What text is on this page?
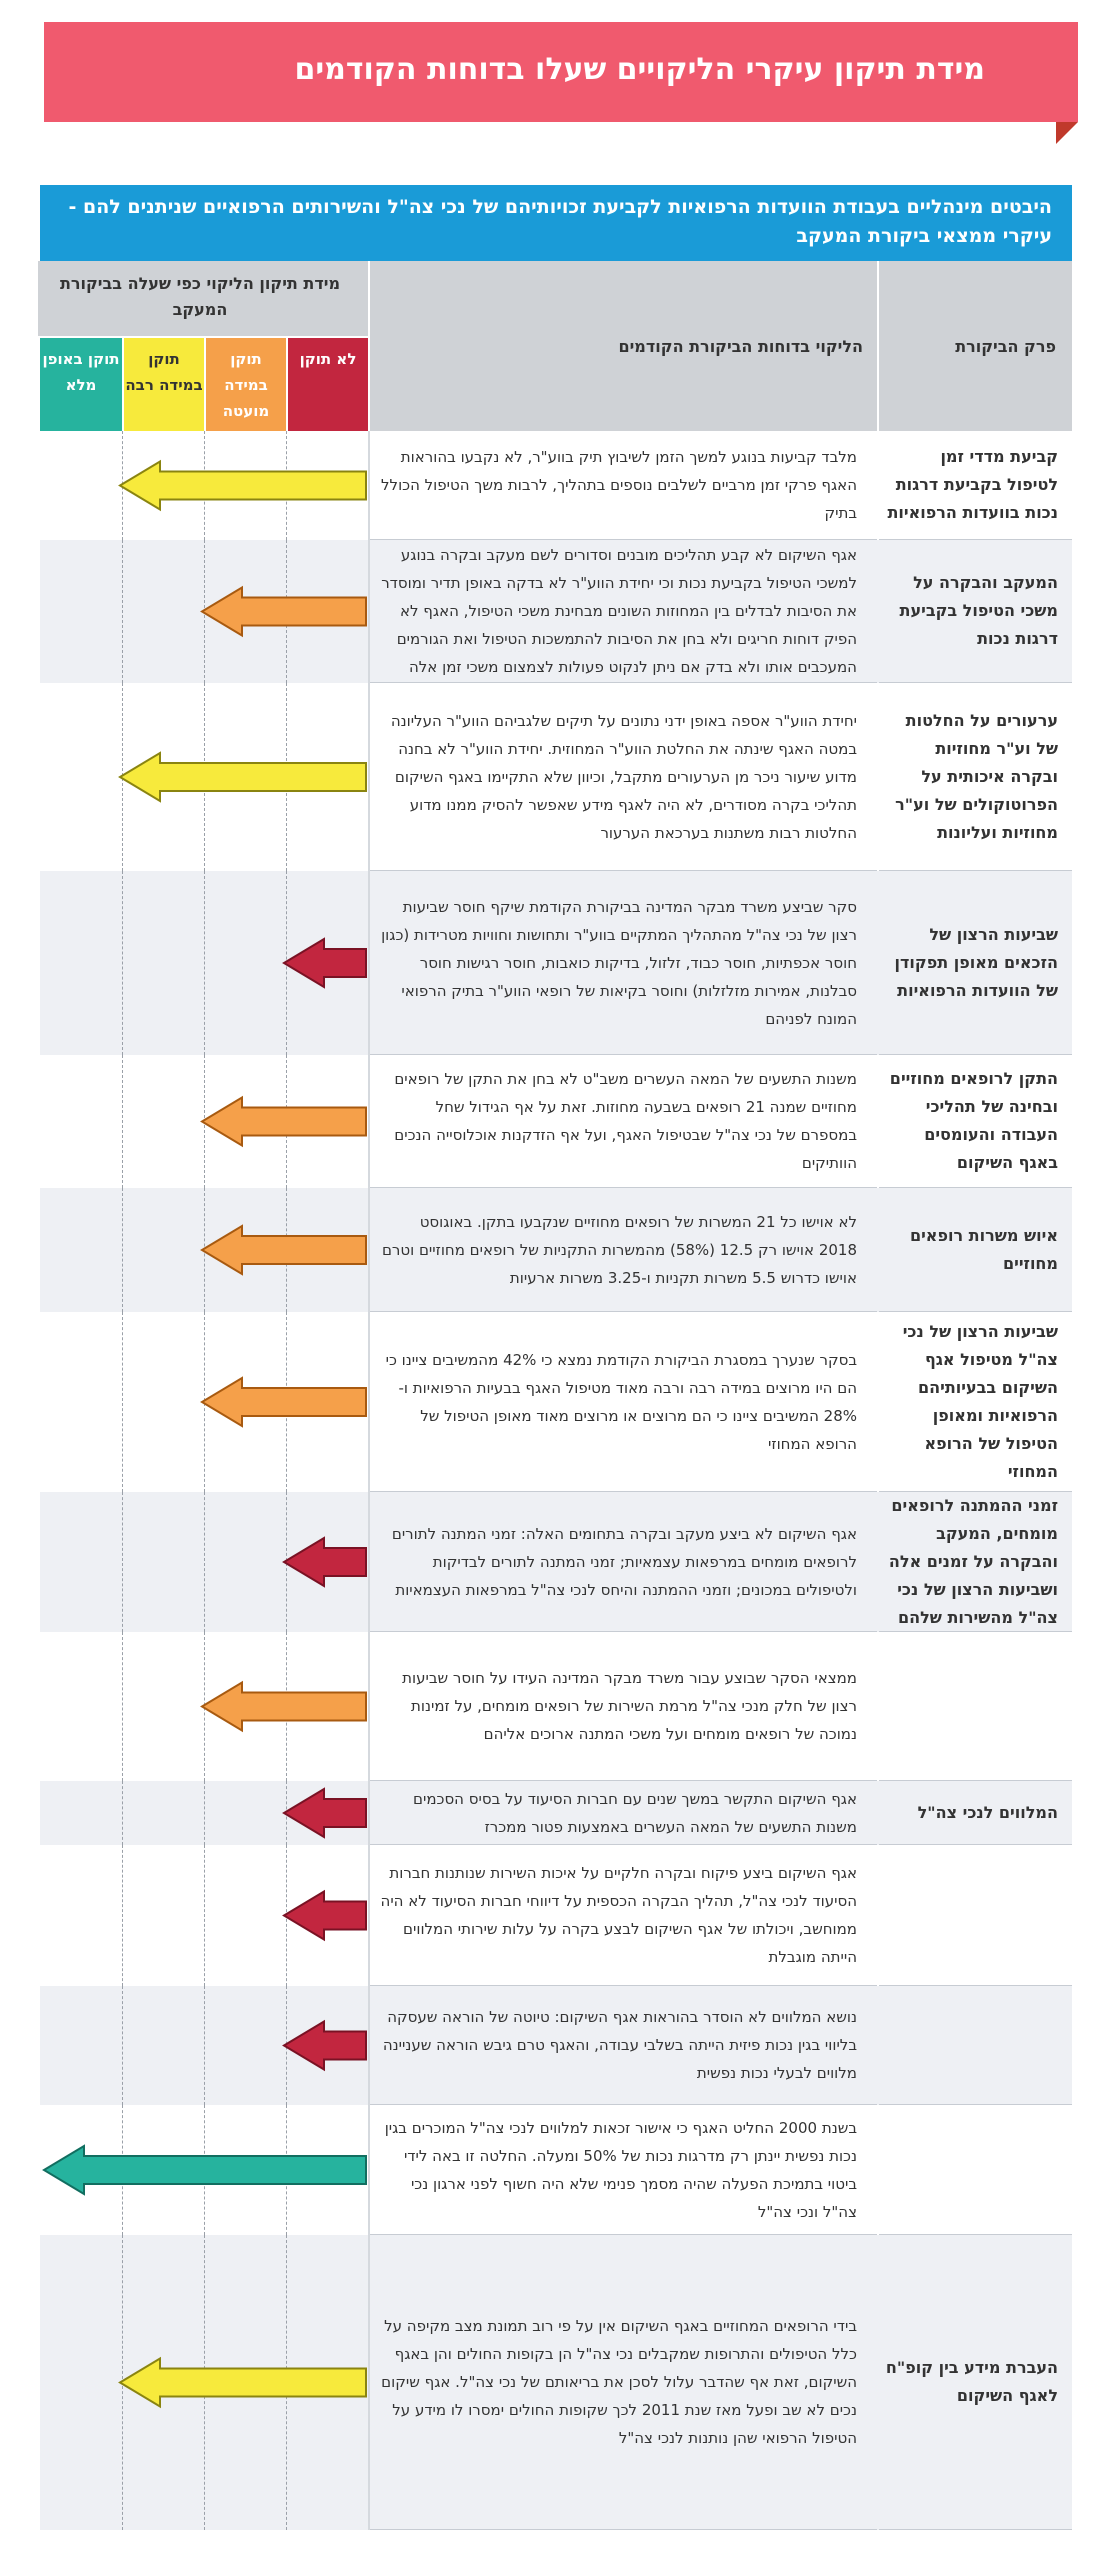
מידת תיקון עיקרי הליקויים שעלו בדוחות הקודמים
היבטים מינהליים בעבודת הוועדות הרפואיות לקביעת זכויותיהם של נכי צה"ל והשירותים הרפואיים שניתנים להם - עיקרי ממצאי ביקורת המעקב
פרק הביקורת
הליקוי בדוחות הביקורת הקודמים
מידת תיקון הליקוי כפי שעלה בביקורת המעקב
לא תוקן
תוקן במידה מועטה
תוקן במידה רבה
תוקן באופן מלא
קביעת מדדי זמן לטיפול בקביעת דרגות נכות בוועדות הרפואיות
מלבד קביעות בנוגע למשך הזמן לשיבוץ תיק בווע"ר, לא נקבעו בהוראות האגף פרקי זמן מרביים לשלבים נוספים בתהליך, לרבות משך הטיפול הכולל בתיק
המעקב והבקרה על משכי הטיפול בקביעת דרגות נכות
אגף השיקום לא קבע תהליכים מובנים וסדורים לשם מעקב ובקרה בנוגע למשכי הטיפול בקביעת נכות וכי יחידת הווע"ר לא בדקה באופן תדיר ומוסדר את הסיבות לבדלים בין המחוזות השונים מבחינת משכי הטיפול, האגף לא הפיק דוחות חריגים ולא בחן את הסיבות להתמשכות הטיפול ואת הגורמים המעכבים אותו ולא בדק אם ניתן לנקוט פעולות לצמצום משכי זמן אלה
ערעורים על החלטות של וע"ר מחוזיות ובקרה איכותית על הפרוטוקולים של וע"ר מחוזיות ועליונות
יחידת הווע"ר אספה באופן ידני נתונים על תיקים שלגביהם הווע"ר העליונה במטה האגף שינתה את החלטת הווע"ר המחוזית. יחידת הווע"ר לא בחנה מדוע שיעור ניכר מן הערעורים מתקבל, וכיוון שלא התקיימו באגף השיקום תהליכי בקרה מסודרים, לא היה לאגף מידע שאפשר להסיק ממנו מדוע החלטות רבות משתנות בערכאת הערעור
שביעות הרצון של הזכאים מאופן תפקודן של הוועדות הרפואיות
סקר שביצע משרד מבקר המדינה בביקורת הקודמת שיקף חוסר שביעות רצון של נכי צה"ל מהתהליך המתקיים בווע"ר ותחושות וחוויות מטרידות (כגון חוסר אכפתיות, חוסר כבוד, זלזול, בדיקות כואבות, חוסר רגישות חוסר סבלנות, אמירות מזלזלות) וחוסר בקיאות של רופאי הווע"ר בתיק הרפואי המונח לפניהם
התקן לרופאים מחוזיים ובחינה של תהליכי העבודה והעומסים באגף השיקום
משנות התשעים של המאה העשרים משב"ט לא בחן את התקן של רופאים מחוזיים שמנה 21 רופאים בשבעה מחוזות. זאת על אף הגידול שחל במספרם של נכי צה"ל שבטיפול האגף, ועל אף הזדקנות אוכלוסייה הנכים הוותיקים
איוש משרות רופאים מחוזיים
לא אוישו כל 21 המשרות של רופאים מחוזיים שנקבעו בתקן. באוגוסט 2018 אוישו רק 12.5 (58%) מהמשרות התקניות של רופאים מחוזיים וטרם אוישו כדרוש 5.5 משרות תקניות ו-3.25 משרות ארעיות
שביעות הרצון של נכי צה"ל מטיפול אגף השיקום בבעיותיהם הרפואיות ומאופן הטיפול של הרופא המחוזי
בסקר שנערך במסגרת הביקורת הקודמת נמצא כי 42% מהמשיבים ציינו כי הם היו מרוצים במידה רבה ורבה מאוד מטיפול האגף בבעיות הרפואיות ו- 28% המשיבים ציינו כי הם מרוצים או מרוצים מאוד מאופן הטיפול של הרופא המחוזי
זמני ההמתנה לרופאים מומחים, המעקב והבקרה על זמנים אלה ושביעות הרצון של נכי צה"ל מהשירות שלהם
אגף השיקום לא ביצע מעקב ובקרה בתחומים האלה: זמני המתנה לתורים לרופאים מומחים במרפאות עצמאיות; זמני המתנה לתורים לבדיקות ולטיפולים במכונים; וזמני ההמתנה והיחס לנכי צה"ל במרפאות העצמאיות
ממצאי הסקר שבוצע עבור משרד מבקר המדינה העידו על חוסר שביעות רצון של חלק מנכי צה"ל מרמת השירות של רופאים מומחים, על זמינות נמוכה של רופאים מומחים ועל משכי המתנה ארוכים אליהם
המלווים לנכי צה"ל
אגף השיקום התקשר במשך שנים עם חברות הסיעוד על בסיס הסכמים משנות התשעים של המאה העשרים באמצעות פטור ממכרז
אגף השיקום ביצע פיקוח ובקרה חלקיים על איכות השירות שנותנות חברות הסיעוד לנכי צה"ל, תהליך הבקרה הכספית על דיווחי חברות הסיעוד לא היה ממוחשב, ויכולתו של אגף השיקום לבצע בקרה על עלות שירותי המלווים הייתה מוגבלת
נושא המלווים לא הוסדר בהוראות אגף השיקום: טיוטה של הוראה שעסקה בליווי בגין נכות פיזית הייתה בשלבי עבודה, והאגף טרם גיבש הוראה שעניינה מלווים לבעלי נכות נפשית
בשנת 2000 החליט האגף כי אישור זכאות למלווים לנכי צה"ל המוכרים בגין נכות נפשית יינתן רק מדרגות נכות של 50% ומעלה. החלטה זו באה לידי ביטוי בתמיכת הפעלה שהיה מסמך פנימי שלא היה חשוף לפני ארגון נכי צה"ל ונכי צה"ל
העברת מידע בין קופ"ח לאגף השיקום
בידי הרופאים המחוזיים באגף השיקום אין על פי רוב תמונת מצב מקיפה על כלל הטיפולים והתרופות שמקבלים נכי צה"ל הן בקופות החולים והן באגף השיקום, זאת אף שהדבר עלול לסכן את בריאותם של נכי צה"ל. אגף שיקום נכים לא שב ופעל מאז שנת 2011 לכך שקופות החולים ימסרו לו מידע על הטיפול הרפואי שהן נותנות לנכי צה"ל
